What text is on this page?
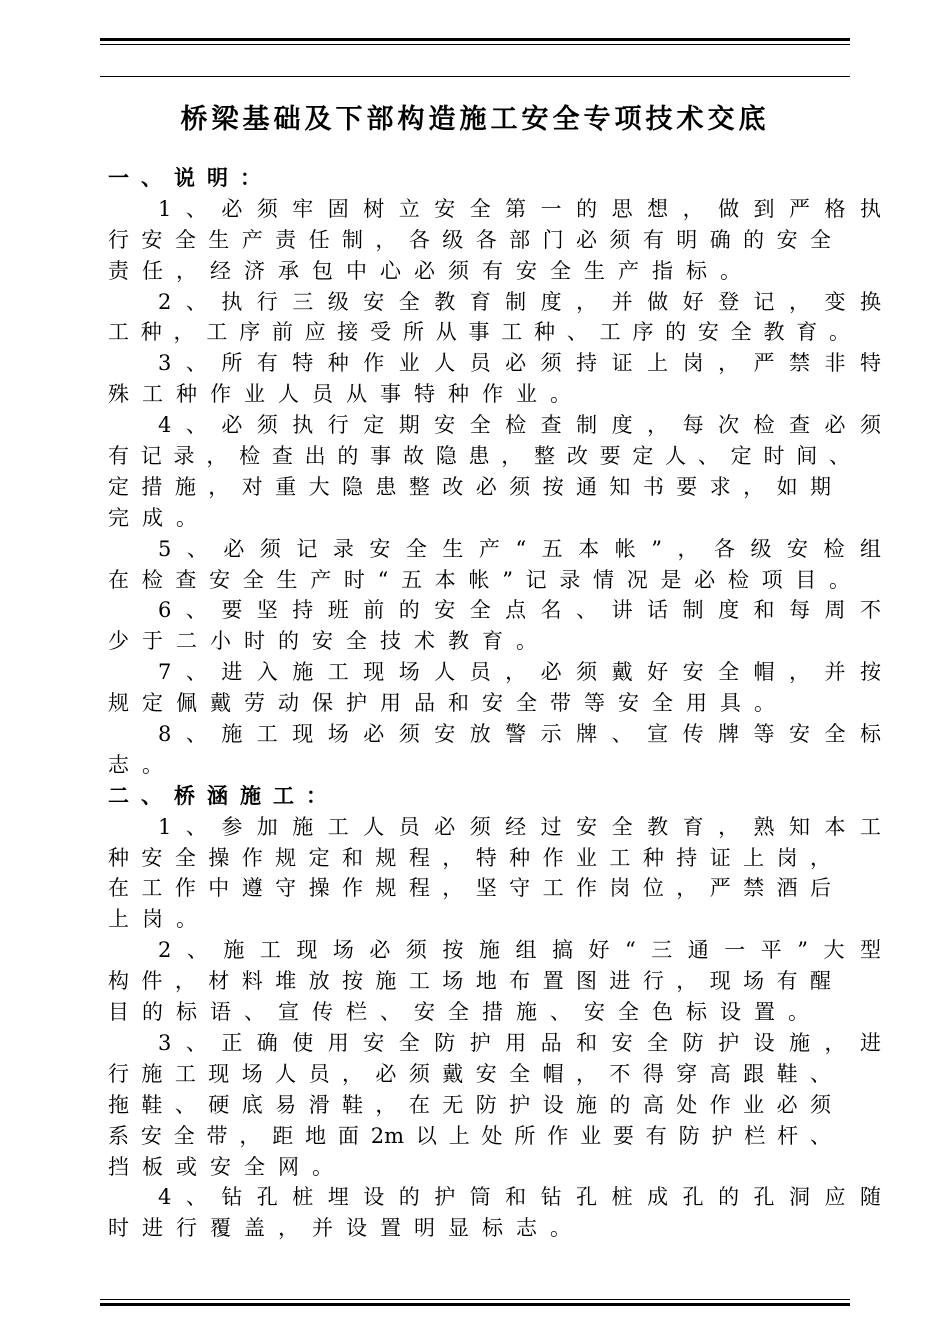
桥梁基础及下部构造施工安全专项技术交底
一、说明：
1、必须牢固树立安全第一的思想，做到严格执
行安全生产责任制，各级各部门必须有明确的安全
责任，经济承包中心必须有安全生产指标。
2、执行三级安全教育制度，并做好登记，变换
工种，工序前应接受所从事工种、工序的安全教育。
3、所有特种作业人员必须持证上岗，严禁非特
殊工种作业人员从事特种作业。
4、必须执行定期安全检查制度，每次检查必须
有记录，检查出的事故隐患，整改要定人、定时间、
定措施，对重大隐患整改必须按通知书要求，如期
完成。
5、必须记录安全生产“五本帐”，各级安检组
在检查安全生产时“五本帐”记录情况是必检项目。
6、要坚持班前的安全点名、讲话制度和每周不
少于二小时的安全技术教育。
7、进入施工现场人员，必须戴好安全帽，并按
规定佩戴劳动保护用品和安全带等安全用具。
8、施工现场必须安放警示牌、宣传牌等安全标
志。
二、桥涵施工：
1、参加施工人员必须经过安全教育，熟知本工
种安全操作规定和规程，特种作业工种持证上岗，
在工作中遵守操作规程，坚守工作岗位，严禁酒后
上岗。
2、施工现场必须按施组搞好“三通一平”大型
构件，材料堆放按施工场地布置图进行，现场有醒
目的标语、宣传栏、安全措施、安全色标设置。
3、正确使用安全防护用品和安全防护设施，进
行施工现场人员，必须戴安全帽，不得穿高跟鞋、
拖鞋、硬底易滑鞋，在无防护设施的高处作业必须
系安全带，距地面2m以上处所作业要有防护栏杆、
挡板或安全网。
4、钻孔桩埋设的护筒和钻孔桩成孔的孔洞应随
时进行覆盖，并设置明显标志。
